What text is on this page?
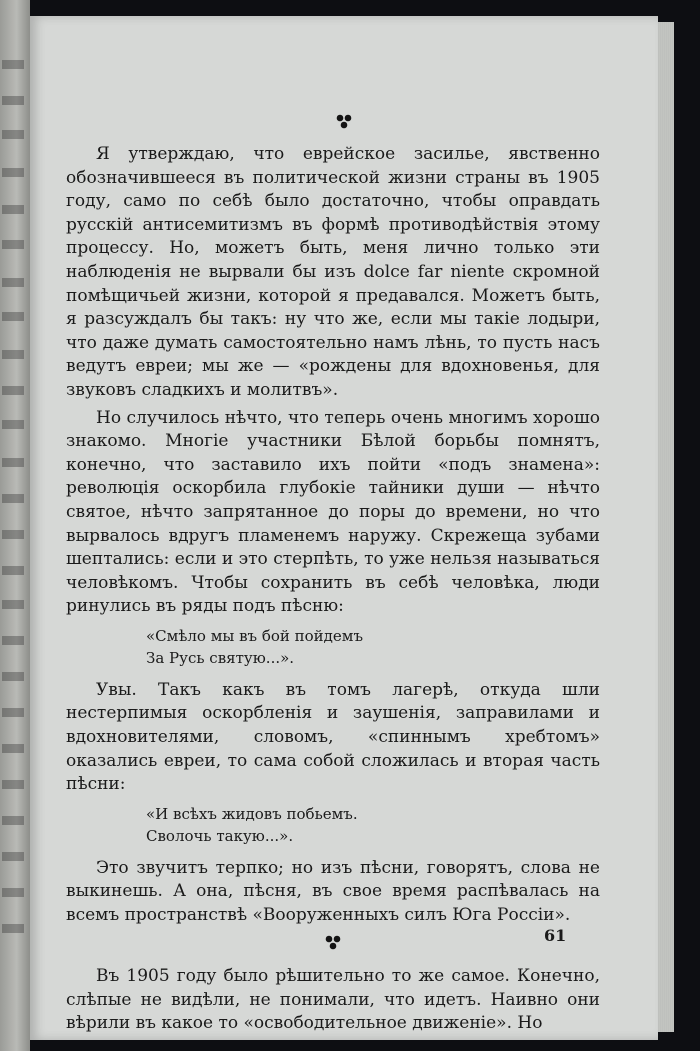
Я утверждаю, что еврейское засилье, явственно обозначившееся въ политической жизни страны въ 1905 году, само по себѣ было достаточно, чтобы оправдать русскій антисемитизмъ въ формѣ противодѣйствія этому процессу. Но, можетъ быть, меня лично только эти наблюденія не вырвали бы изъ dolce far niente скромной помѣщичьей жизни, которой я предавался. Можетъ быть, я разсуждалъ бы такъ: ну что же, если мы такіе лодыри, что даже думать самостоятельно намъ лѣнь, то пусть насъ ведутъ евреи; мы же — «рождены для вдохновенья, для звуковъ сладкихъ и молитвъ».

Но случилось нѣчто, что теперь очень многимъ хорошо знакомо. Многіе участники Бѣлой борьбы помнятъ, конечно, что заставило ихъ пойти «подъ знамена»: революція оскорбила глубокіе тайники души — нѣчто святое, нѣчто запрятанное до поры до времени, но что вырвалось вдругъ пламенемъ наружу. Скрежеща зубами шептались: если и это стерпѣть, то уже нельзя называться человѣкомъ. Чтобы сохранить въ себѣ человѣка, люди ринулись въ ряды подъ пѣсню:

«Смѣло мы въ бой пойдемъ
За Русь святую...».

Увы. Такъ какъ въ томъ лагерѣ, откуда шли нестерпимыя оскорбленія и заушенія, заправилами и вдохновителями, словомъ, «спиннымъ хребтомъ» оказались евреи, то сама собой сложилась и вторая часть пѣсни:

«И всѣхъ жидовъ побьемъ.
Сволочь такую...».

Это звучитъ терпко; но изъ пѣсни, говорятъ, слова не выкинешь. А она, пѣсня, въ свое время распѣвалась на всемъ пространствѣ «Вооруженныхъ силъ Юга Россіи».

Въ 1905 году было рѣшительно то же самое. Конечно, слѣпые не видѣли, не понимали, что идетъ. Наивно они вѣрили въ какое то «освободительное движеніе». Но

61
